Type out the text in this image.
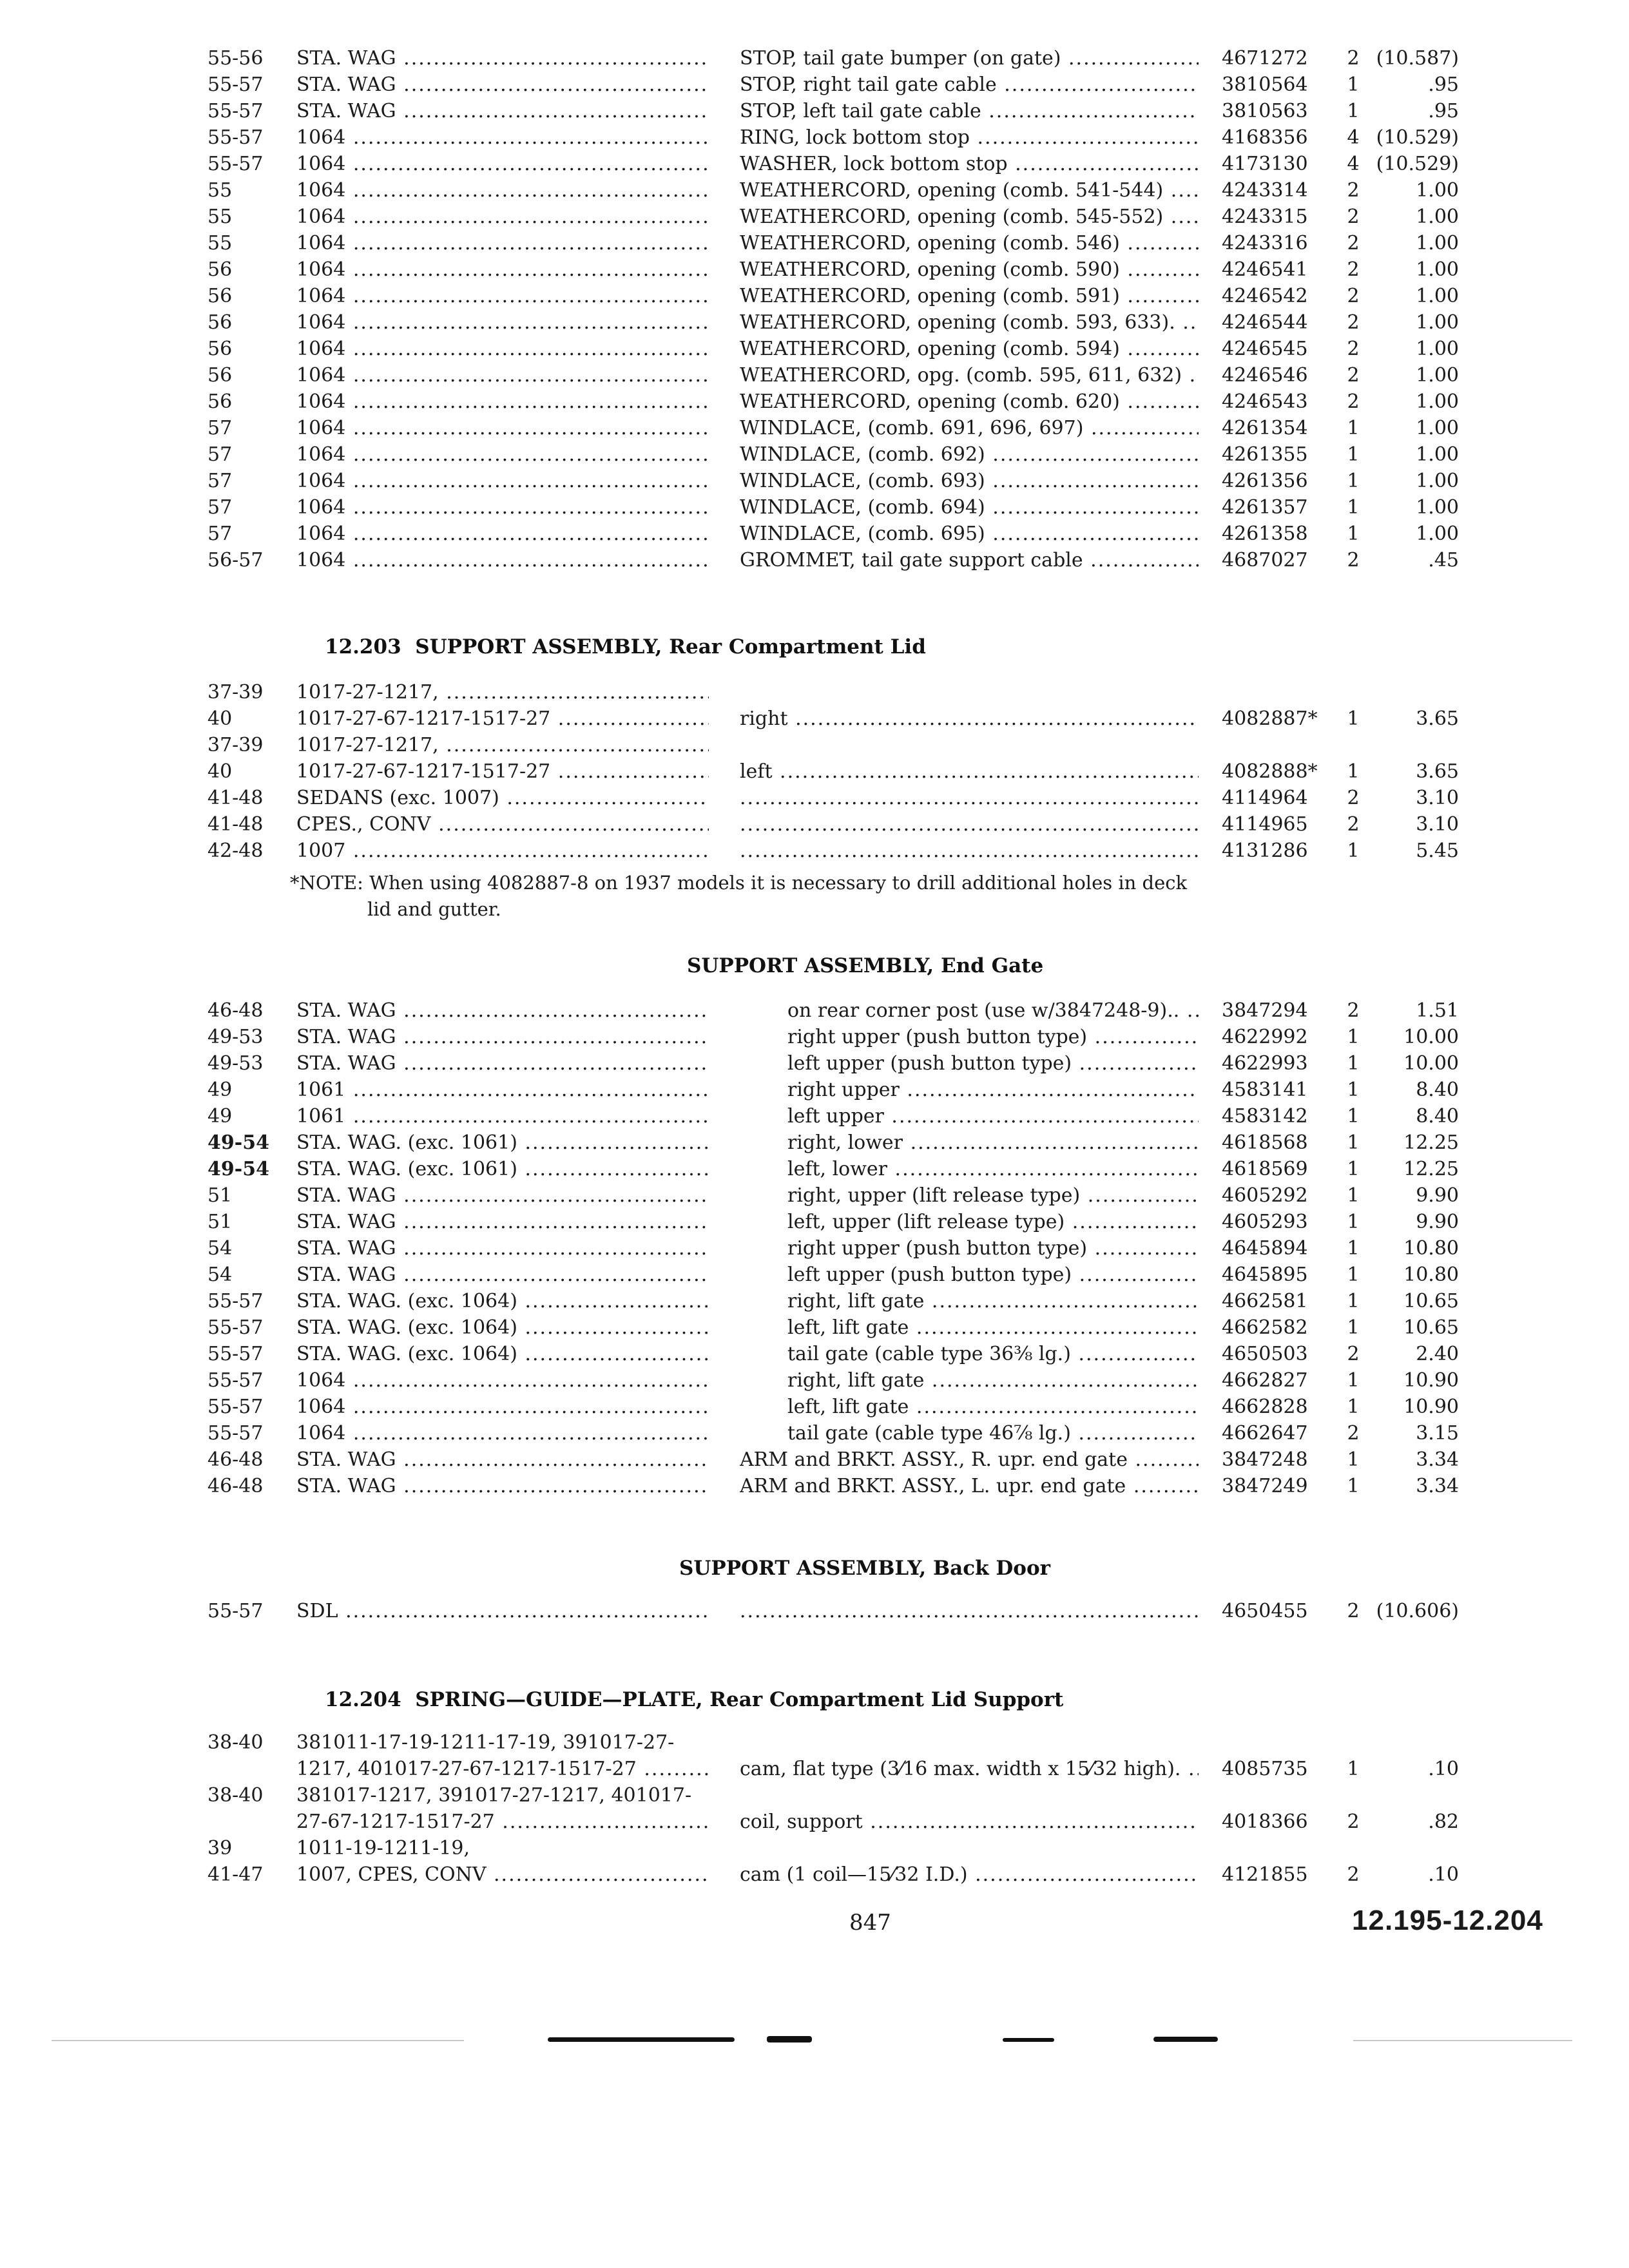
55-56	STA. WAG .....	STOP, tail gate bumper (on gate) .....	4671272	2 (10.587)
55-57	STA. WAG .....	STOP, right tail gate cable .....	3810564	1	.95
55-57	STA. WAG .....	STOP, left tail gate cable .....	3810563	1	.95
55-57	1064 .....	RING, lock bottom stop .....	4168356	4 (10.529)
55-57	1064 .....	WASHER, lock bottom stop .....	4173130	4 (10.529)
55	1064 .....	WEATHERCORD, opening (comb. 541-544) .....	4243314	2	1.00
55	1064 .....	WEATHERCORD, opening (comb. 545-552) .....	4243315	2	1.00
55	1064 .....	WEATHERCORD, opening (comb. 546) .....	4243316	2	1.00
56	1064 .....	WEATHERCORD, opening (comb. 590) .....	4246541	2	1.00
56	1064 .....	WEATHERCORD, opening (comb. 591) .....	4246542	2	1.00
56	1064 .....	WEATHERCORD, opening (comb. 593, 633). .....	4246544	2	1.00
56	1064 .....	WEATHERCORD, opening (comb. 594) .....	4246545	2	1.00
56	1064 .....	WEATHERCORD, opg. (comb. 595, 611, 632) .....	4246546	2	1.00
56	1064 .....	WEATHERCORD, opening (comb. 620) .....	4246543	2	1.00
57	1064 .....	WINDLACE, (comb. 691, 696, 697) .....	4261354	1	1.00
57	1064 .....	WINDLACE, (comb. 692) .....	4261355	1	1.00
57	1064 .....	WINDLACE, (comb. 693) .....	4261356	1	1.00
57	1064 .....	WINDLACE, (comb. 694) .....	4261357	1	1.00
57	1064 .....	WINDLACE, (comb. 695) .....	4261358	1	1.00
56-57	1064 .....	GROMMET, tail gate support cable .....	4687027	2	.45
12.203 SUPPORT ASSEMBLY, Rear Compartment Lid
37-39	1017-27-1217, .....
40	1017-27-67-1217-1517-27 .....	right .....	4082887*	1	3.65
37-39	1017-27-1217, .....
40	1017-27-67-1217-1517-27 .....	left .....	4082888*	1	3.65
41-48	SEDANS (exc. 1007) ..... .....	4114964	2	3.10
41-48	CPES., CONV ..... .....	4114965	2	3.10
42-48	1007 ..... .....	4131286	1	5.45
*NOTE: When using 4082887-8 on 1937 models it is necessary to drill additional holes in deck
lid and gutter.
SUPPORT ASSEMBLY, End Gate
46-48	STA. WAG .....	on rear corner post (use w/3847248-9).. .....	3847294	2	1.51
49-53	STA. WAG .....	right upper (push button type) .....	4622992	1	10.00
49-53	STA. WAG .....	left upper (push button type) .....	4622993	1	10.00
49	1061 .....	right upper .....	4583141	1	8.40
49	1061 .....	left upper .....	4583142	1	8.40
49-54	STA. WAG. (exc. 1061) .....	right, lower .....	4618568	1	12.25
49-54	STA. WAG. (exc. 1061) .....	left, lower .....	4618569	1	12.25
51	STA. WAG .....	right, upper (lift release type) .....	4605292	1	9.90
51	STA. WAG .....	left, upper (lift release type) .....	4605293	1	9.90
54	STA. WAG .....	right upper (push button type) .....	4645894	1	10.80
54	STA. WAG .....	left upper (push button type) .....	4645895	1	10.80
55-57	STA. WAG. (exc. 1064) .....	right, lift gate .....	4662581	1	10.65
55-57	STA. WAG. (exc. 1064) .....	left, lift gate .....	4662582	1	10.65
55-57	STA. WAG. (exc. 1064) .....	tail gate (cable type 36⅜ lg.) .....	4650503	2	2.40
55-57	1064 .....	right, lift gate .....	4662827	1	10.90
55-57	1064 .....	left, lift gate .....	4662828	1	10.90
55-57	1064 .....	tail gate (cable type 46⅞ lg.) .....	4662647	2	3.15
46-48	STA. WAG .....	ARM and BRKT. ASSY., R. upr. end gate .....	3847248	1	3.34
46-48	STA. WAG .....	ARM and BRKT. ASSY., L. upr. end gate .....	3847249	1	3.34
SUPPORT ASSEMBLY, Back Door
55-57	SDL ..... .....	4650455	2 (10.606)
12.204 SPRING—GUIDE—PLATE, Rear Compartment Lid Support
38-40	381011-17-19-1211-17-19, 391017-27-
1217, 401017-27-67-1217-1517-27 .....	cam, flat type (3⁄16 max. width x 15⁄32 high). .....	4085735	1	.10
38-40	381017-1217, 391017-27-1217, 401017-
27-67-1217-1517-27 .....	coil, support .....	4018366	2	.82
39	1011-19-1211-19,
41-47	1007, CPES, CONV .....	cam (1 coil—15⁄32 I.D.) .....	4121855	2	.10
847	12.195-12.204
